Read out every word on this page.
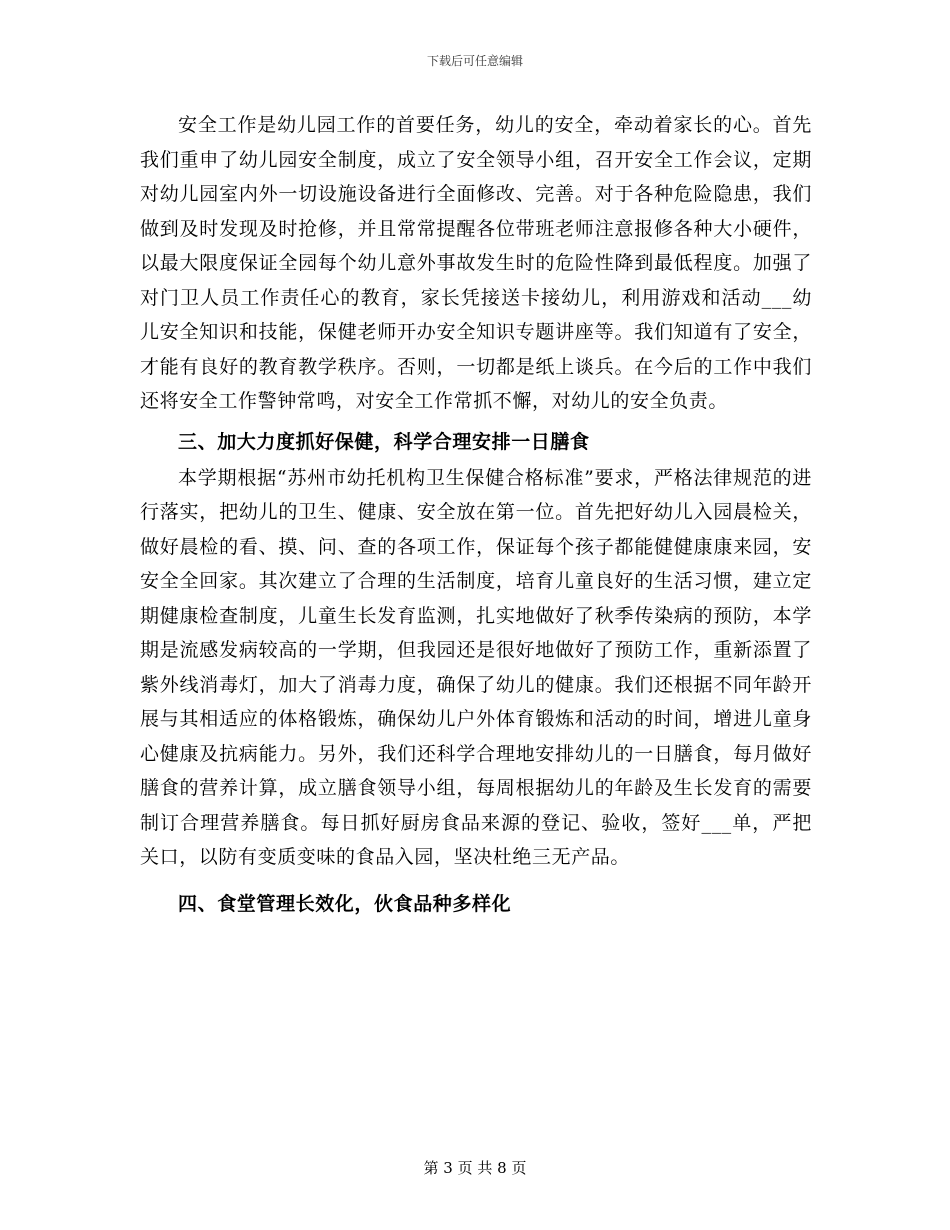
下载后可任意编辑

安全工作是幼儿园工作的首要任务，幼儿的安全，牵动着家长的心。首先我们重申了幼儿园安全制度，成立了安全领导小组，召开安全工作会议，定期对幼儿园室内外一切设施设备进行全面修改、完善。对于各种危险隐患，我们做到及时发现及时抢修，并且常常提醒各位带班老师注意报修各种大小硬件，以最大限度保证全园每个幼儿意外事故发生时的危险性降到最低程度。加强了对门卫人员工作责任心的教育，家长凭接送卡接幼儿，利用游戏和活动___幼儿安全知识和技能，保健老师开办安全知识专题讲座等。我们知道有了安全，才能有良好的教育教学秩序。否则，一切都是纸上谈兵。在今后的工作中我们还将安全工作警钟常鸣，对安全工作常抓不懈，对幼儿的安全负责。

三、加大力度抓好保健，科学合理安排一日膳食

本学期根据“苏州市幼托机构卫生保健合格标准”要求，严格法律规范的进行落实，把幼儿的卫生、健康、安全放在第一位。首先把好幼儿入园晨检关，做好晨检的看、摸、问、查的各项工作，保证每个孩子都能健健康康来园，安安全全回家。其次建立了合理的生活制度，培育儿童良好的生活习惯，建立定期健康检查制度，儿童生长发育监测，扎实地做好了秋季传染病的预防，本学期是流感发病较高的一学期，但我园还是很好地做好了预防工作，重新添置了紫外线消毒灯，加大了消毒力度，确保了幼儿的健康。我们还根据不同年龄开展与其相适应的体格锻炼，确保幼儿户外体育锻炼和活动的时间，增进儿童身心健康及抗病能力。另外，我们还科学合理地安排幼儿的一日膳食，每月做好膳食的营养计算，成立膳食领导小组，每周根据幼儿的年龄及生长发育的需要制订合理营养膳食。每日抓好厨房食品来源的登记、验收，签好___单，严把关口，以防有变质变味的食品入园，坚决杜绝三无产品。

四、食堂管理长效化，伙食品种多样化

第 3 页 共 8 页
